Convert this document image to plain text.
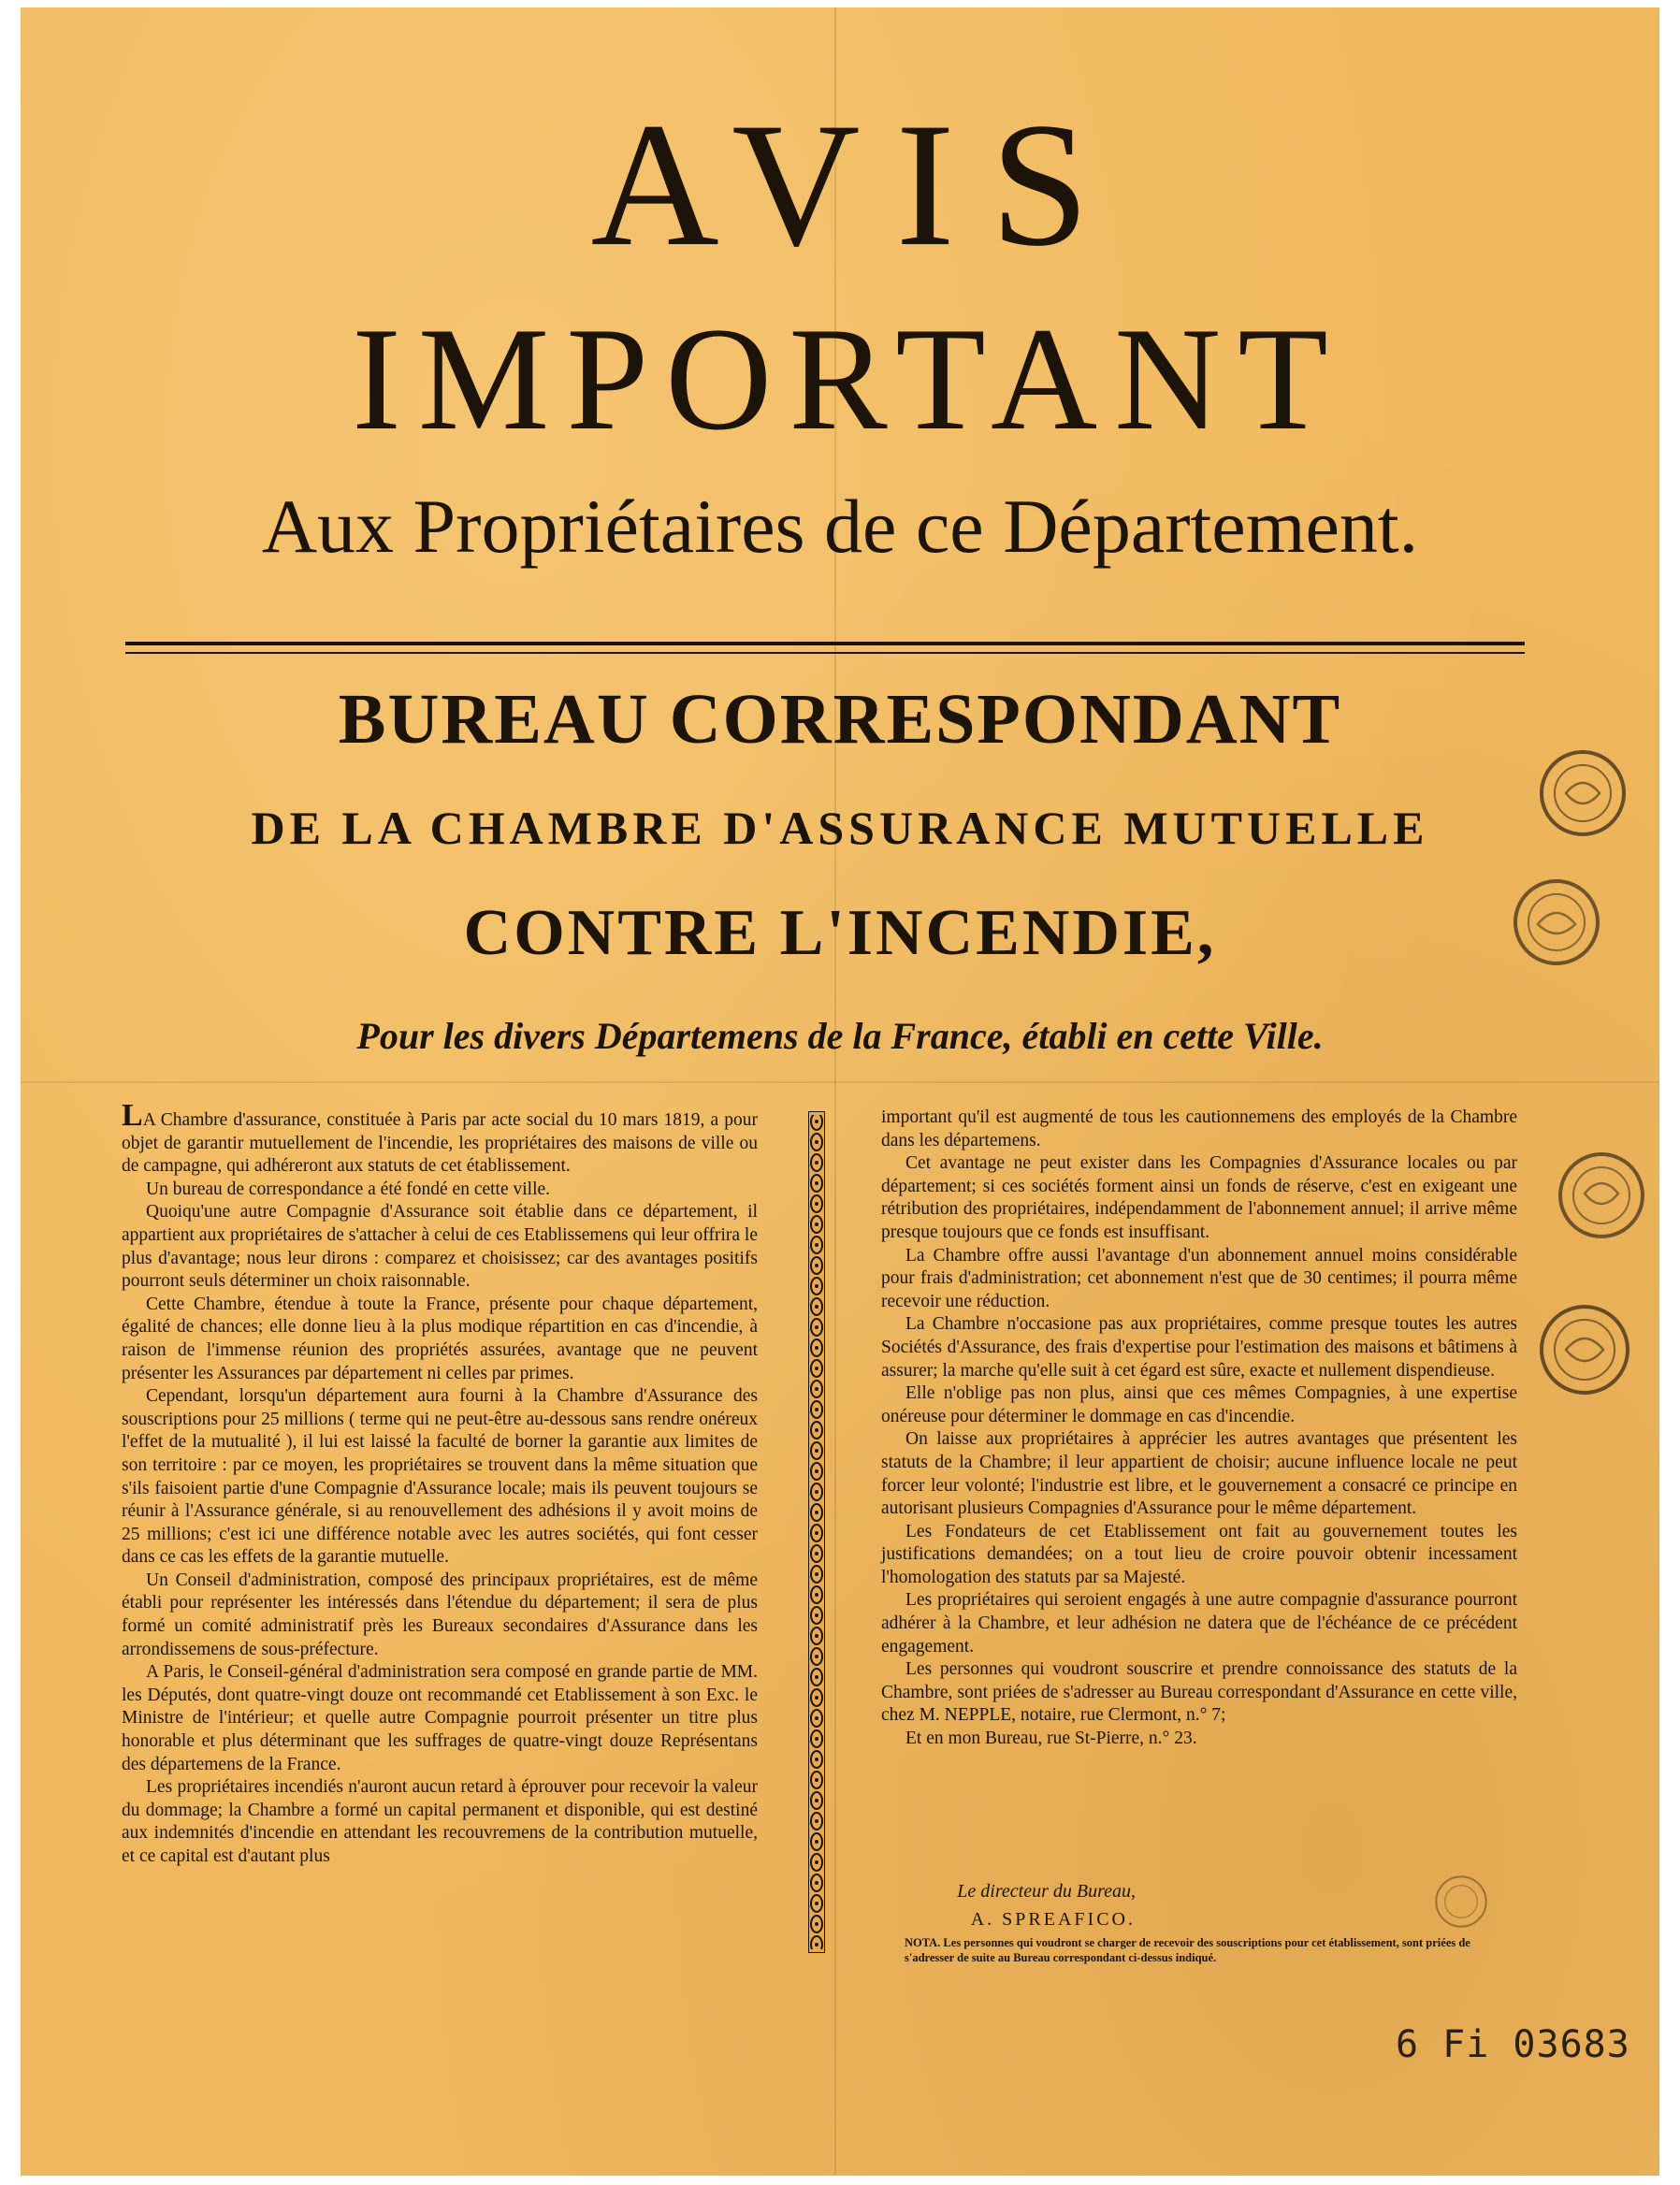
AVIS
IMPORTANT
Aux Propriétaires de ce Département.
BUREAU CORRESPONDANT
DE LA CHAMBRE D'ASSURANCE MUTUELLE
CONTRE L'INCENDIE,
Pour les divers Départemens de la France, établi en cette Ville.

LA Chambre d'assurance, constituée à Paris par acte social du 10 mars 1819, a pour objet de garantir mutuellement de l'incendie, les propriétaires des maisons de ville ou de campagne, qui adhéreront aux statuts de cet établissement.

Un bureau de correspondance a été fondé en cette ville.

Quoiqu'une autre Compagnie d'Assurance soit établie dans ce département, il appartient aux propriétaires de s'attacher à celui de ces Etablissemens qui leur offrira le plus d'avantage; nous leur dirons : comparez et choisissez; car des avantages positifs pourront seuls déterminer un choix raisonnable.

Cette Chambre, étendue à toute la France, présente pour chaque département, égalité de chances; elle donne lieu à la plus modique répartition en cas d'incendie, à raison de l'immense réunion des propriétés assurées, avantage que ne peuvent présenter les Assurances par département ni celles par primes.

Cependant, lorsqu'un département aura fourni à la Chambre d'Assurance des souscriptions pour 25 millions ( terme qui ne peut-être au-dessous sans rendre onéreux l'effet de la mutualité ), il lui est laissé la faculté de borner la garantie aux limites de son territoire : par ce moyen, les propriétaires se trouvent dans la même situation que s'ils faisoient partie d'une Compagnie d'Assurance locale; mais ils peuvent toujours se réunir à l'Assurance générale, si au renouvellement des adhésions il y avoit moins de 25 millions; c'est ici une différence notable avec les autres sociétés, qui font cesser dans ce cas les effets de la garantie mutuelle.

Un Conseil d'administration, composé des principaux propriétaires, est de même établi pour représenter les intéressés dans l'étendue du département; il sera de plus formé un comité administratif près les Bureaux secondaires d'Assurance dans les arrondissemens de sous-préfecture.

A Paris, le Conseil-général d'administration sera composé en grande partie de MM. les Députés, dont quatre-vingt douze ont recommandé cet Etablissement à son Exc. le Ministre de l'intérieur; et quelle autre Compagnie pourroit présenter un titre plus honorable et plus déterminant que les suffrages de quatre-vingt douze Représentans des départemens de la France.

Les propriétaires incendiés n'auront aucun retard à éprouver pour recevoir la valeur du dommage; la Chambre a formé un capital permanent et disponible, qui est destiné aux indemnités d'incendie en attendant les recouvremens de la contribution mutuelle, et ce capital est d'autant plus

important qu'il est augmenté de tous les cautionnemens des employés de la Chambre dans les départemens.

Cet avantage ne peut exister dans les Compagnies d'Assurance locales ou par département; si ces sociétés forment ainsi un fonds de réserve, c'est en exigeant une rétribution des propriétaires, indépendamment de l'abonnement annuel; il arrive même presque toujours que ce fonds est insuffisant.

La Chambre offre aussi l'avantage d'un abonnement annuel moins considérable pour frais d'administration; cet abonnement n'est que de 30 centimes; il pourra même recevoir une réduction.

La Chambre n'occasione pas aux propriétaires, comme presque toutes les autres Sociétés d'Assurance, des frais d'expertise pour l'estimation des maisons et bâtimens à assurer; la marche qu'elle suit à cet égard est sûre, exacte et nullement dispendieuse.

Elle n'oblige pas non plus, ainsi que ces mêmes Compagnies, à une expertise onéreuse pour déterminer le dommage en cas d'incendie.

On laisse aux propriétaires à apprécier les autres avantages que présentent les statuts de la Chambre; il leur appartient de choisir; aucune influence locale ne peut forcer leur volonté; l'industrie est libre, et le gouvernement a consacré ce principe en autorisant plusieurs Compagnies d'Assurance pour le même département.

Les Fondateurs de cet Etablissement ont fait au gouvernement toutes les justifications demandées; on a tout lieu de croire pouvoir obtenir incessament l'homologation des statuts par sa Majesté.

Les propriétaires qui seroient engagés à une autre compagnie d'assurance pourront adhérer à la Chambre, et leur adhésion ne datera que de l'échéance de ce précédent engagement.

Les personnes qui voudront souscrire et prendre connoissance des statuts de la Chambre, sont priées de s'adresser au Bureau correspondant d'Assurance en cette ville, chez M. NEPPLE, notaire, rue Clermont, n.° 7;

Et en mon Bureau, rue St-Pierre, n.° 23.

Le directeur du Bureau,
A. SPREAFICO.
NOTA. Les personnes qui voudront se charger de recevoir des souscriptions pour cet établissement, sont priées de s'adresser de suite au Bureau correspondant ci-dessus indiqué.
6 Fi 03683
